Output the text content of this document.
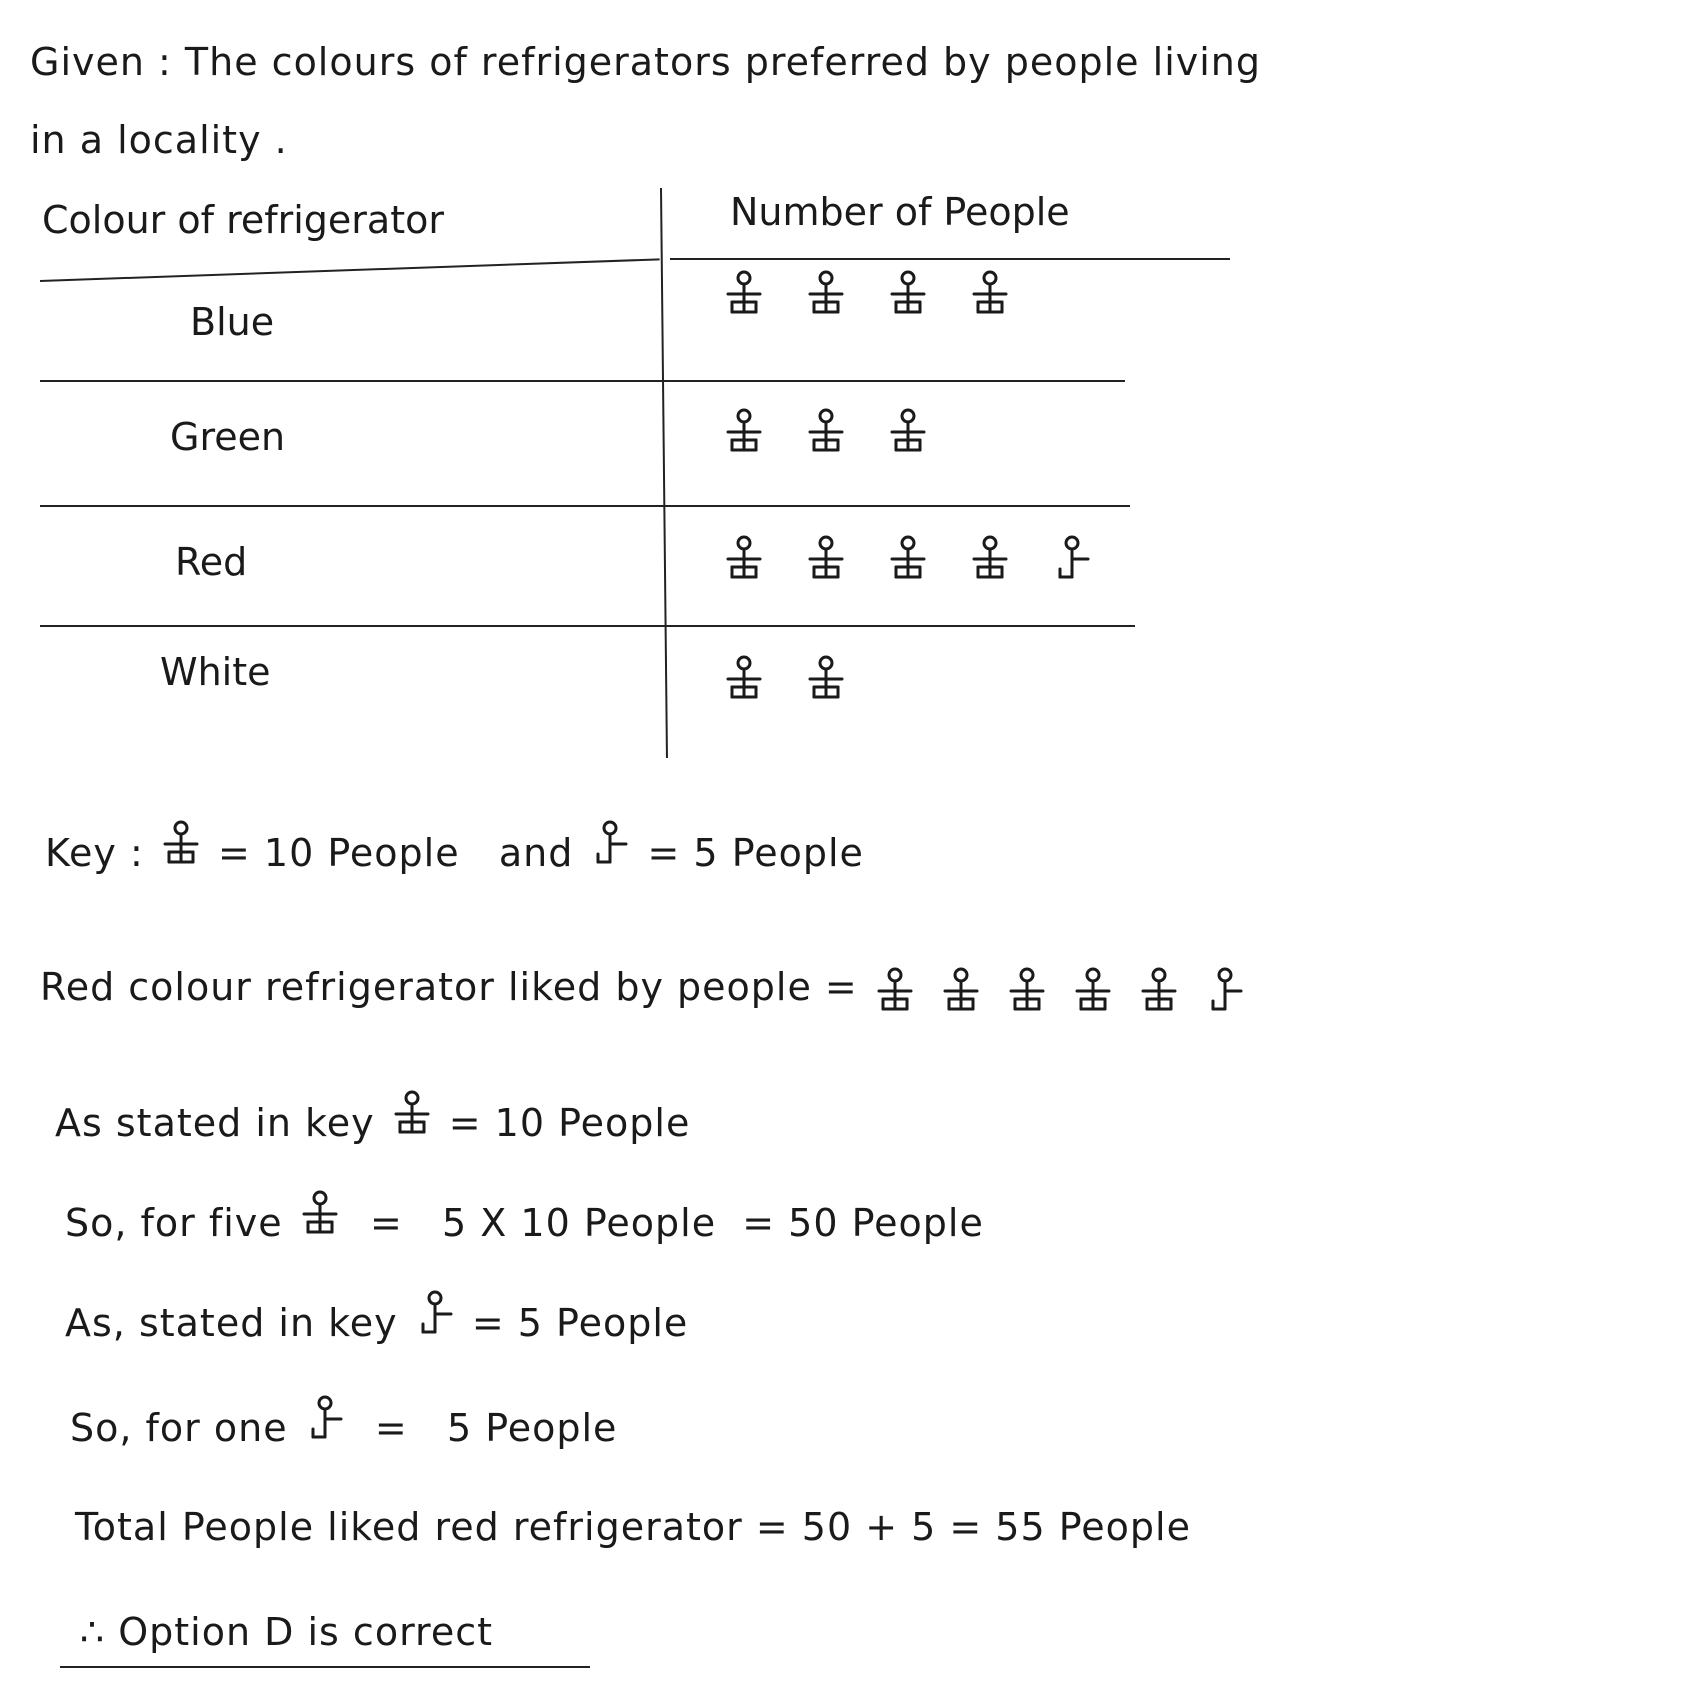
Given : The colours of refrigerators preferred by people living
in a locality .
Colour of refrigerator	Number of People
Blue
Green
Red
White
Key : = 10 People and = 5 People
Red colour refrigerator liked by people =
As stated in key = 10 People
So, for five = 5 X 10 People = 50 People
As, stated in key = 5 People
So, for one = 5 People
Total People liked red refrigerator = 50 + 5 = 55 People
∴ Option D is correct
